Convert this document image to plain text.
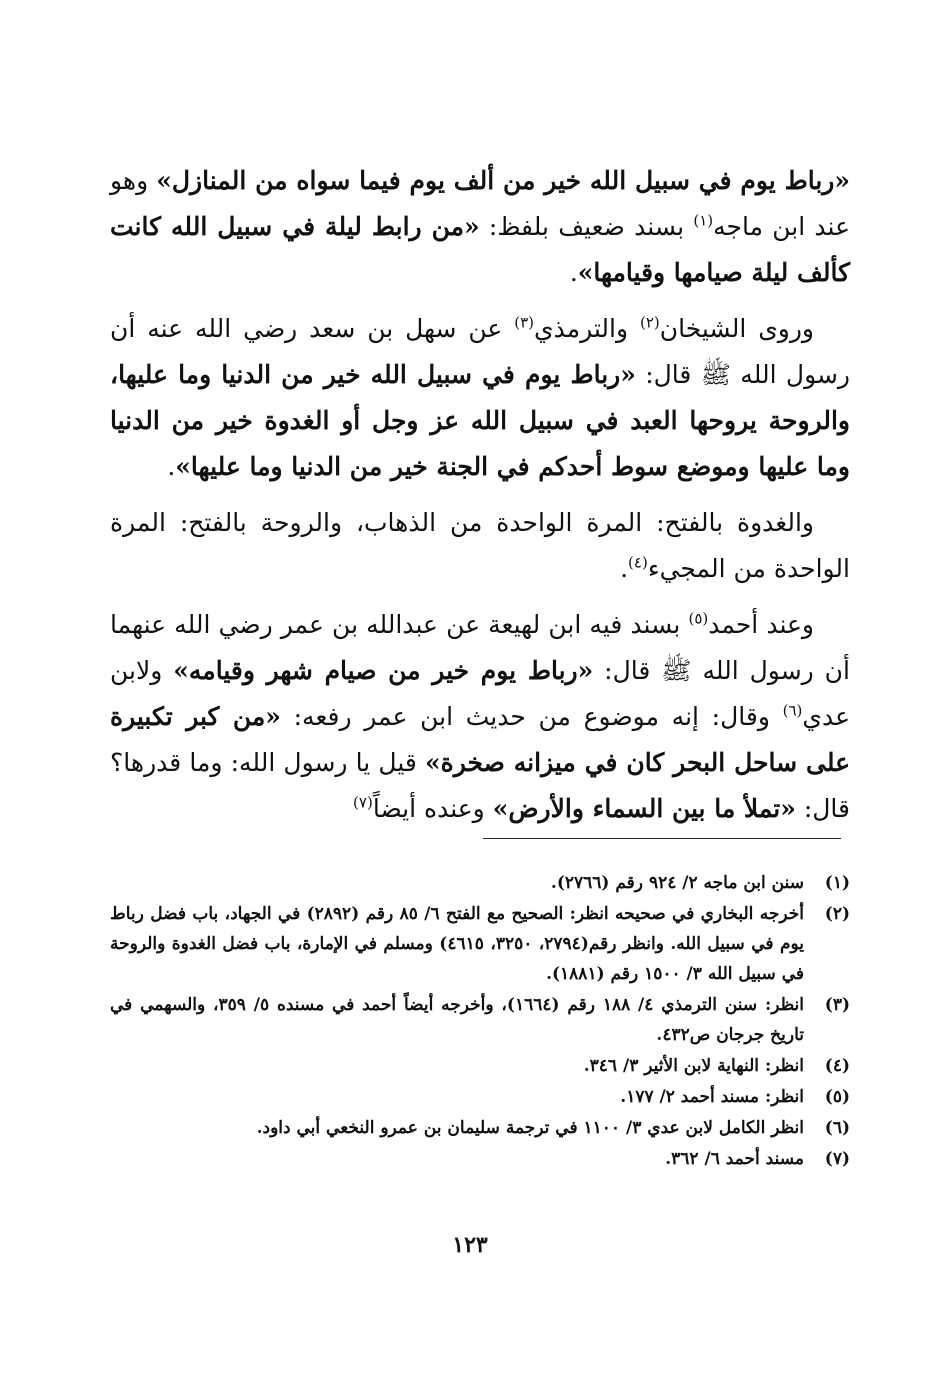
«رباط يوم في سبيل الله خير من ألف يوم فيما سواه من المنازل» وهو عند ابن ماجه$^{(١)}$ بسند ضعيف بلفظ: «من رابط ليلة في سبيل الله كانت كألف ليلة صيامها وقيامها».

وروى الشيخان$^{(٢)}$ والترمذي$^{(٣)}$ عن سهل بن سعد رضي الله عنه أن رسول الله ﷺ قال: «رباط يوم في سبيل الله خير من الدنيا وما عليها، والروحة يروحها العبد في سبيل الله عز وجل أو الغدوة خير من الدنيا وما عليها وموضع سوط أحدكم في الجنة خير من الدنيا وما عليها».

والغدوة بالفتح: المرة الواحدة من الذهاب، والروحة بالفتح: المرة الواحدة من المجيء$^{(٤)}$.

وعند أحمد$^{(٥)}$ بسند فيه ابن لهيعة عن عبدالله بن عمر رضي الله عنهما أن رسول الله ﷺ قال: «رباط يوم خير من صيام شهر وقيامه» ولابن عدي$^{(٦)}$ وقال: إنه موضوع من حديث ابن عمر رفعه: «من كبر تكبيرة على ساحل البحر كان في ميزانه صخرة» قيل يا رسول الله: وما قدرها؟ قال: «تملأ ما بين السماء والأرض» وعنده أيضاً$^{(٧)}$

(١)
سنن ابن ماجه ٢/ ٩٢٤ رقم (٢٧٦٦).
(٢)
أخرجه البخاري في صحيحه انظر: الصحيح مع الفتح ٦/ ٨٥ رقم (٢٨٩٢) في الجهاد، باب فضل رباط يوم في سبيل الله. وانظر رقم(٢٧٩٤، ٣٢٥٠، ٤٦١٥) ومسلم في الإمارة، باب فضل الغدوة والروحة في سبيل الله ٣/ ١٥٠٠ رقم (١٨٨١).
(٣)
انظر: سنن الترمذي ٤/ ١٨٨ رقم (١٦٦٤)، وأخرجه أيضاً أحمد في مسنده ٥/ ٣٥٩، والسهمي في تاريخ جرجان ص٤٣٢.
(٤)
انظر: النهاية لابن الأثير ٣/ ٣٤٦.
(٥)
انظر: مسند أحمد ٢/ ١٧٧.
(٦)
انظر الكامل لابن عدي ٣/ ١١٠٠ في ترجمة سليمان بن عمرو النخعي أبي داود.
(٧)
مسند أحمد ٦/ ٣٦٢.
١٢٣
